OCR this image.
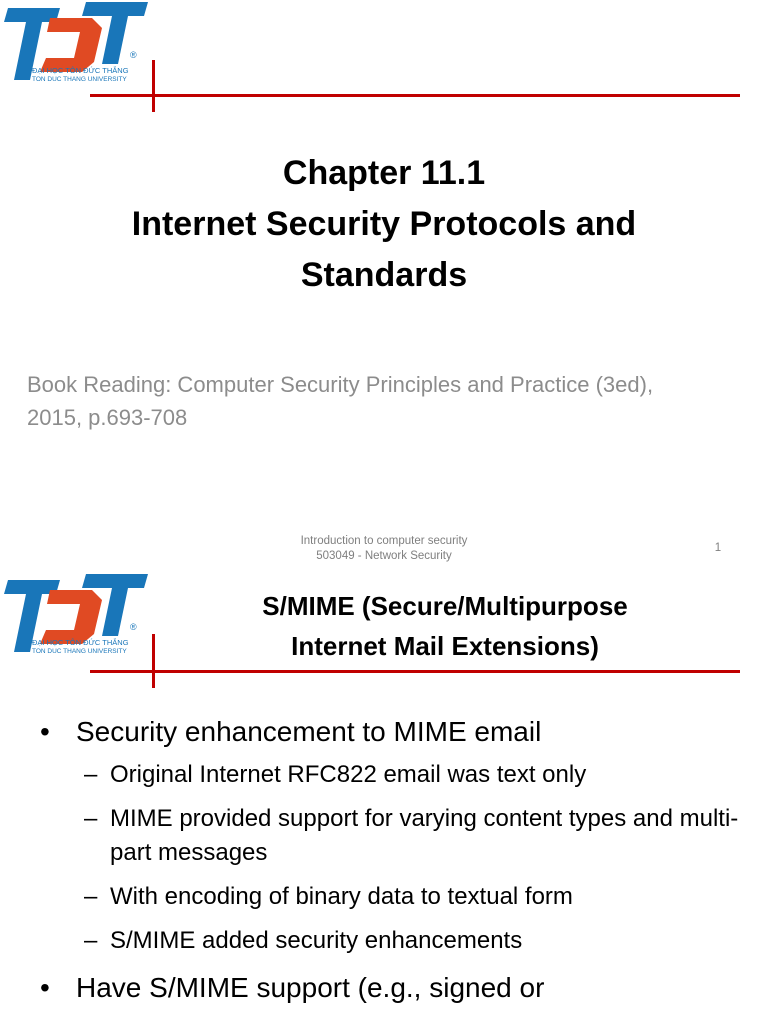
®
ĐẠI HỌC TÔN ĐỨC THẮNG
TON DUC THANG UNIVERSITY
Chapter 11.1
Internet Security Protocols and
Standards
Book Reading: Computer Security Principles and Practice (3ed),
2015, p.693-708
Introduction to computer security
503049 - Network Security
1
®
ĐẠI HỌC TÔN ĐỨC THẮNG
TON DUC THANG UNIVERSITY
S/MIME (Secure/Multipurpose
Internet Mail Extensions)
• Security enhancement to MIME email
– Original Internet RFC822 email was text only
– MIME provided support for varying content types and multi-part messages
– With encoding of binary data to textual form
– S/MIME added security enhancements
• Have S/MIME support (e.g., signed or
